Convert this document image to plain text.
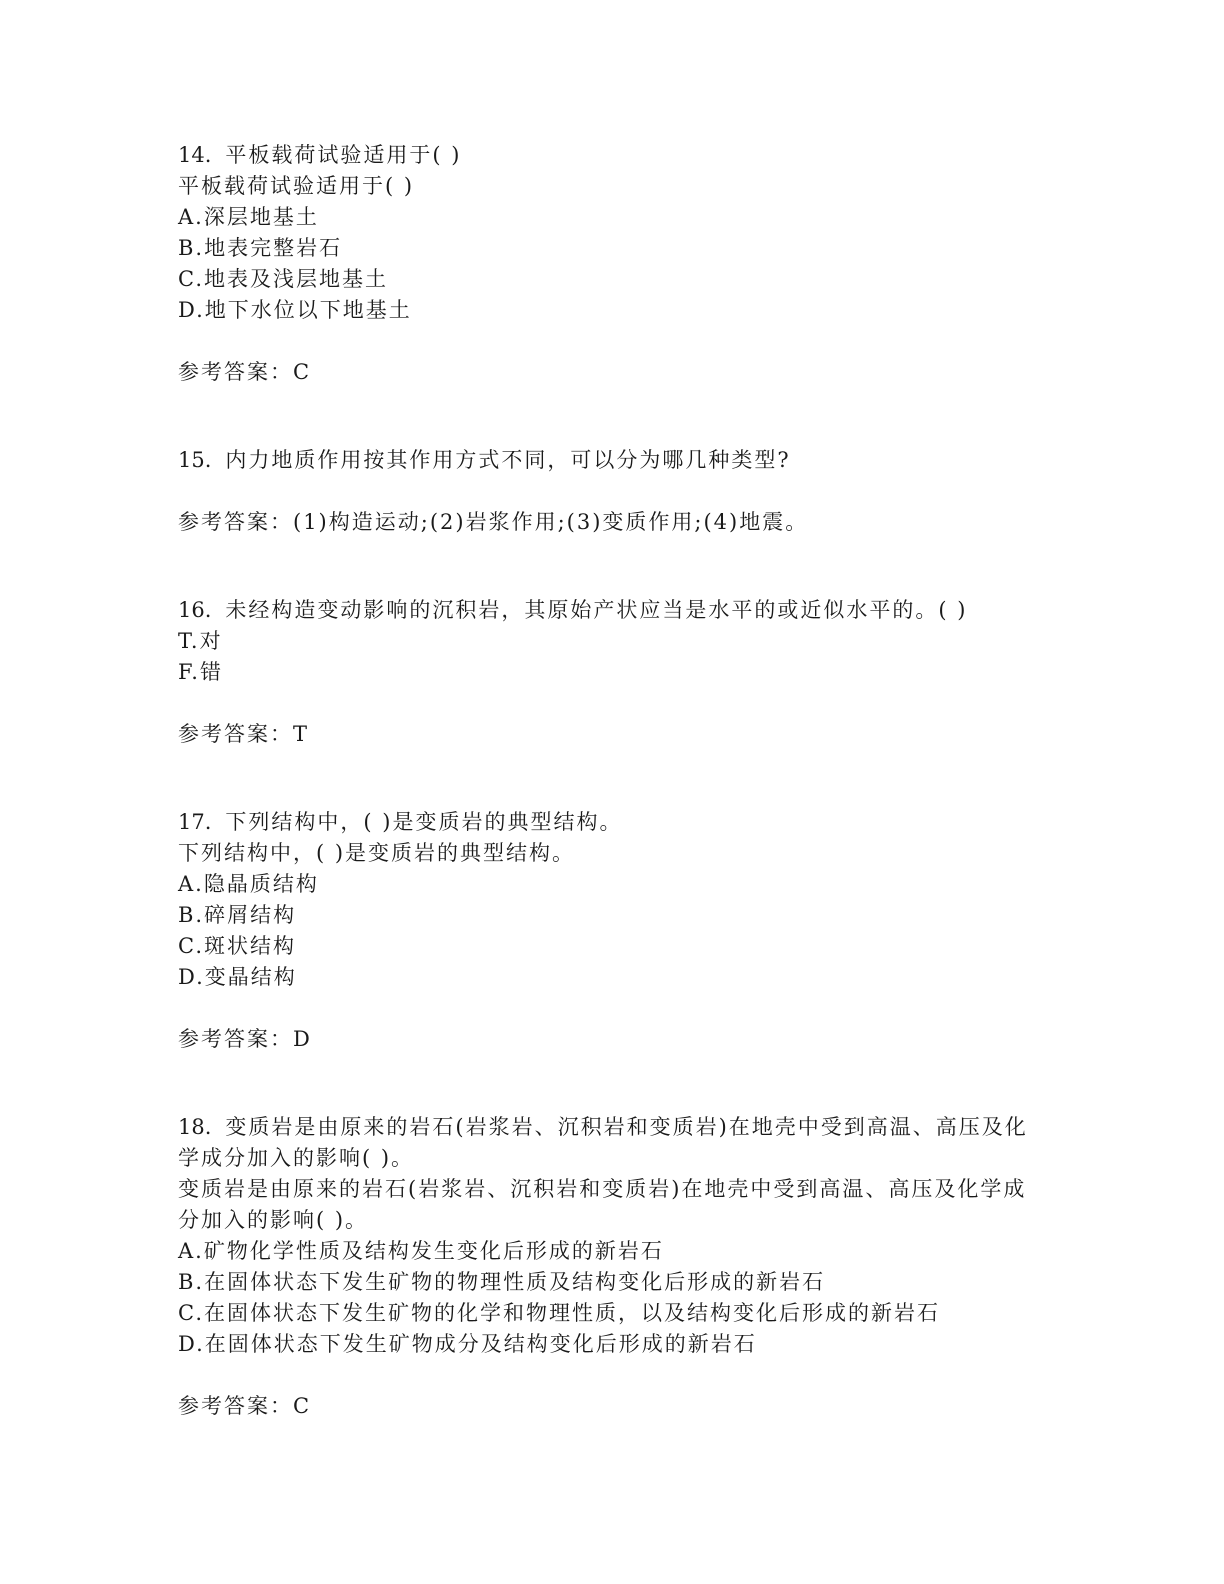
14. 平板载荷试验适用于( )

平板载荷试验适用于( )

A.深层地基土

B.地表完整岩石

C.地表及浅层地基土

D.地下水位以下地基土

参考答案：C

15. 内力地质作用按其作用方式不同，可以分为哪几种类型?

参考答案：(1)构造运动;(2)岩浆作用;(3)变质作用;(4)地震。

16. 未经构造变动影响的沉积岩，其原始产状应当是水平的或近似水平的。( )

T.对

F.错

参考答案：T

17. 下列结构中，( )是变质岩的典型结构。

下列结构中，( )是变质岩的典型结构。

A.隐晶质结构

B.碎屑结构

C.斑状结构

D.变晶结构

参考答案：D

18. 变质岩是由原来的岩石(岩浆岩、沉积岩和变质岩)在地壳中受到高温、高压及化学成分加入的影响( )。

变质岩是由原来的岩石(岩浆岩、沉积岩和变质岩)在地壳中受到高温、高压及化学成分加入的影响( )。

A.矿物化学性质及结构发生变化后形成的新岩石

B.在固体状态下发生矿物的物理性质及结构变化后形成的新岩石

C.在固体状态下发生矿物的化学和物理性质，以及结构变化后形成的新岩石

D.在固体状态下发生矿物成分及结构变化后形成的新岩石

参考答案：C
